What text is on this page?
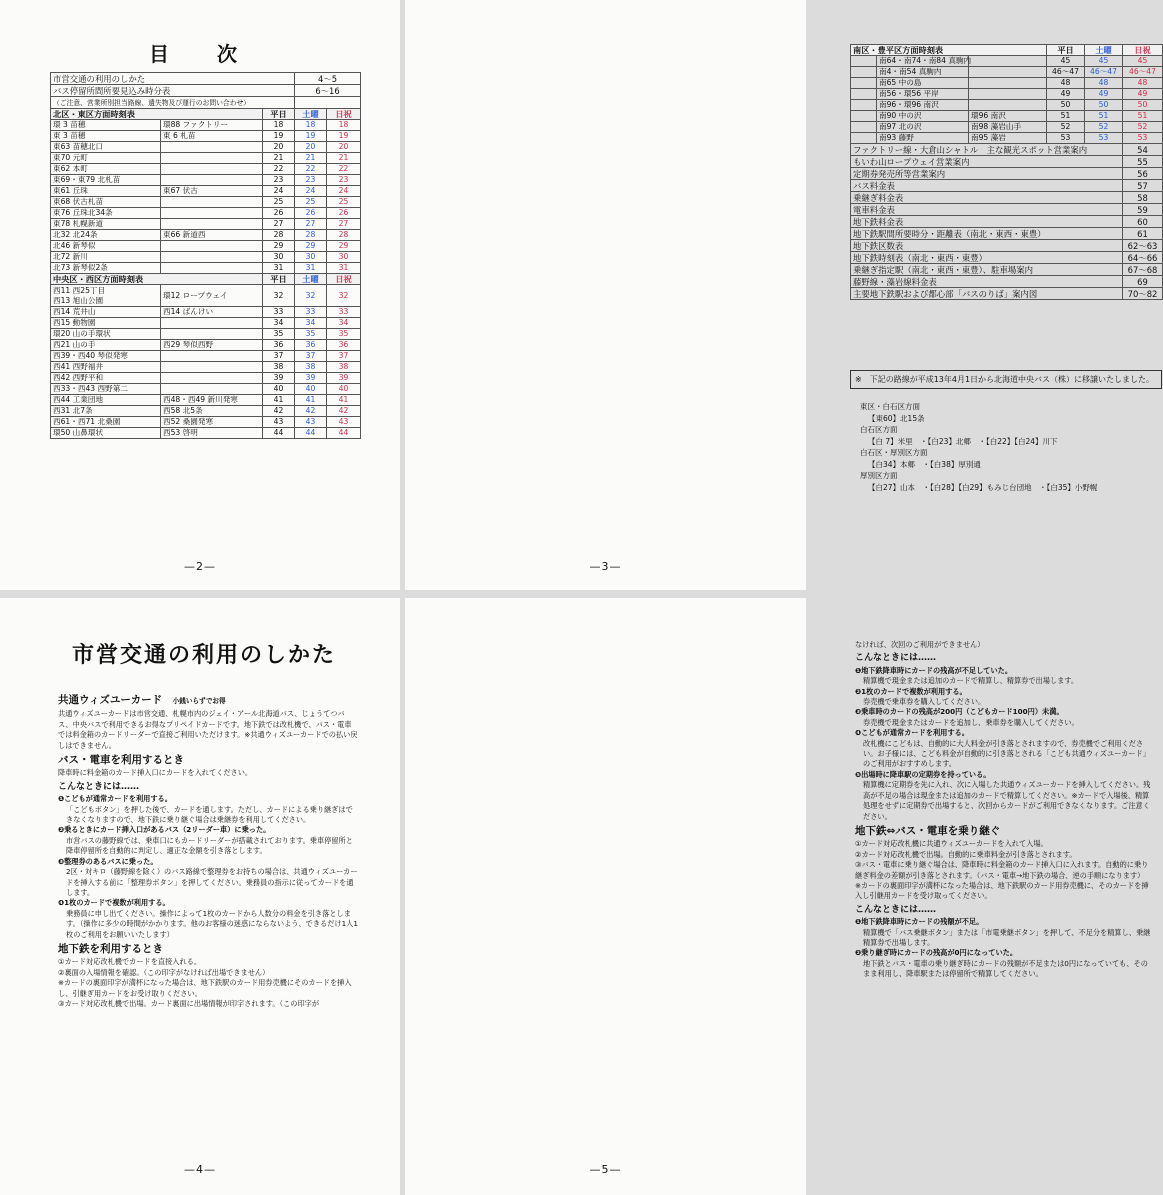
目　次
市営交通の利用のしかた			4〜5	
バス停留所間所要見込み時分表			6〜16	
（ご注意、営業所別担当路線、遺失物及び運行のお問い合わせ）				
北区・東区方面時刻表		平日	土曜	日祝

環 3 苗穂	環88 ファクトリー	18	18	18

東 3 苗穂	東 6 札苗	19	19	19

東63 苗穂北口		20	20	20

東70 元町		21	21	21

東62 本町		22	22	22

東69・東79 北札苗		23	23	23

東61 丘珠	東67 伏古	24	24	24

東68 伏古札苗		25	25	25

東76 丘珠北34条		26	26	26

東78 札幌新道		27	27	27

北32 北24条	東66 新道西	28	28	28

北46 新琴似		29	29	29

北72 新川		30	30	30

北73 新琴似2条		31	31	31
中央区・西区方面時刻表		平日	土曜	日祝

西11 西25丁目
西13 旭山公園	環12 ロープウェイ	32	32	32

西14 荒井山	西14 ばんけい	33	33	33

西15 動物園		34	34	34

環20 山の手環状		35	35	35

西21 山の手	西29 琴似西野	36	36	36

西39・西40 琴似発寒		37	37	37

西41 西野福井		38	38	38

西42 西野平和		39	39	39

西33・西43 西野第二		40	40	40

西44 工業団地	西48・西49 新川発寒	41	41	41

西31 北7条	西58 北5条	42	42	42

西61・西71 北桑園	西52 桑園発寒	43	43	43

環50 山鼻環状	西53 啓明	44	44	44
—2—
南区・豊平区方面時刻表			平日	土曜	日祝
	南64・南74・南84 真駒内		45	45	45
	南4・南54 真駒内		46〜47	46〜47	46〜47
	南65 中の島		48	48	48
	南56・環56 平岸		49	49	49
	南96・環96 南沢		50	50	50
	南90 中の沢	環96 南沢	51	51	51
	南97 北の沢	南98 藻岩山手	52	52	52
	南93 藤野	南95 藻岩	53	53	53
ファクトリー線・大倉山シャトル　主な観光スポット営業案内					54
もいわ山ロープウェイ営業案内					55
定期券発売所等営業案内					56
バス料金表					57
乗継ぎ料金表					58
電車料金表					59
地下鉄料金表					60
地下鉄駅間所要時分・距離表（南北・東西・東豊）					61
地下鉄区数表					62〜63
地下鉄時刻表（南北・東西・東豊）					64〜66
乗継ぎ指定駅（南北・東西・東豊）、駐車場案内					67〜68
藤野線・藻岩線料金表					69
主要地下鉄駅および都心部「バスのりば」案内図					70〜82
※　下記の路線が平成13年4月1日から北海道中央バス（株）に移譲いたしました。
東区・白石区方面
【東60】北15条
白石区方面
【白 7】米里　・【白23】北郷　・【白22】【白24】川下
白石区・厚別区方面
【白34】本郷　・【白38】厚別通
厚別区方面
【白27】山本　・【白28】【白29】もみじ台団地　・【白35】小野幌
—3—
市営交通の利用のしかた
共通ウィズユーカード　 小銭いらずでお得
共通ウィズユーカードは市営交通、札幌市内のジェイ・アール北海道バス、じょうてつバス、中央バスで利用できるお得なプリペイドカードです。地下鉄では改札機で、バス・電車では料金箱のカードリーダーで直接ご利用いただけます。※共通ウィズユーカードでの払い戻しはできません。
バス・電車を利用するとき
降車時に料金箱のカード挿入口にカードを入れてください。
こんなときには……
❶こどもが通常カードを利用する。
「こどもボタン」を押した後で、カードを通します。ただし、カードによる乗り継ぎはできなくなりますので、地下鉄に乗り継ぐ場合は乗継券を利用してください。
❷乗るときにカード挿入口があるバス（2リーダー車）に乗った。
市営バスの藤野線では、乗車口にもカードリーダーが搭載されております。乗車停留所と降車停留所を自動的に判定し、適正な金額を引き落とします。
❸整理券のあるバスに乗った。
2区・対キロ（藤野線を除く）のバス路線で整理券をお持ちの場合は、共通ウィズユーカードを挿入する前に「整理券ボタン」を押してください。乗務員の指示に従ってカードを通します。
❹1枚のカードで複数が利用する。
乗務員に申し出てください。操作によって1枚のカードから人数分の料金を引き落とします。（操作に多少の時間がかかります。他のお客様の迷惑にならないよう、できるだけ1人1枚のご利用をお願いいたします）
地下鉄を利用するとき
①カード対応改札機でカードを直接入れる。
②裏面の入場情報を確認。（この印字がなければ出場できません）
※カードの裏面印字が満杯になった場合は、地下鉄駅のカード用券売機にそのカードを挿入し、引継ぎ用カードをお受け取りください。
③カード対応改札機で出場。カード裏面に出場情報が印字されます。（この印字が
—4—
なければ、次回のご利用ができません）
こんなときには……
❶地下鉄降車時にカードの残高が不足していた。
精算機で現金または追加のカードで精算し、精算券で出場します。
❷1枚のカードで複数が利用する。
券売機で乗車券を購入してください。
❸乗車時のカードの残高が200円（こどもカード100円）未満。
券売機で現金またはカードを追加し、乗車券を購入してください。
❹こどもが通常カードを利用する。
改札機にこどもは、自動的に大人料金が引き落とされますので、券売機でご利用ください。お子様には、こども料金が自動的に引き落とされる「こども共通ウィズユーカード」のご利用がおすすめします。
❺出場時に降車駅の定期券を持っている。
精算機に定期券を先に入れ、次に入場した共通ウィズユーカードを挿入してください。残高が不足の場合は現金または追加のカードで精算してください。※カードで入場後、精算処理をせずに定期券で出場すると、次回からカードがご利用できなくなります。ご注意ください。
地下鉄⇔バス・電車を乗り継ぐ
①カード対応改札機に共通ウィズユーカードを入れて入場。
②カード対応改札機で出場。自動的に乗車料金が引き落とされます。
③バス・電車に乗り継ぐ場合は、降車時に料金箱のカード挿入口に入れます。自動的に乗り継ぎ料金の差額が引き落とされます。（バス・電車→地下鉄の場合、逆の手順になります）
※カードの裏面印字が満杯になった場合は、地下鉄駅のカード用券売機に、そのカードを挿入し引継用カードを受け取ってください。
こんなときには……
❶地下鉄降車時にカードの残額が不足。
精算機で「バス乗継ボタン」または「市電乗継ボタン」を押して、不足分を精算し、乗継精算券で出場します。
❷乗り継ぎ時にカードの残高が0円になっていた。
地下鉄とバス・電車の乗り継ぎ時にカードの残額が不足または0円になっていても、そのまま利用し、降車駅または停留所で精算してください。
—5—
